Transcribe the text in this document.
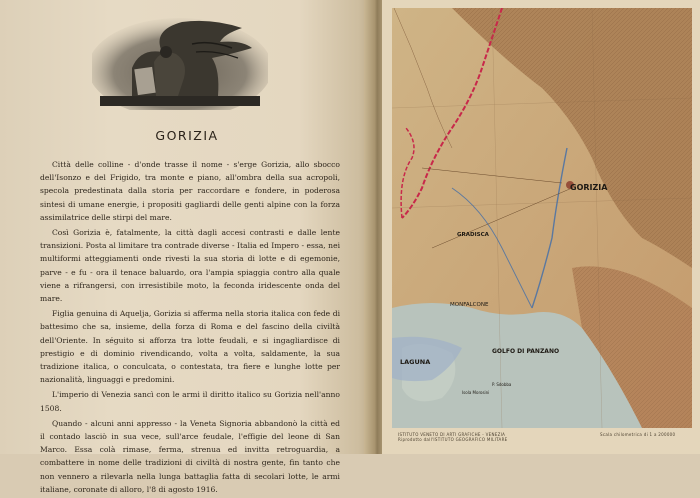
GORIZIA

Città delle colline - d'onde trasse il nome - s'erge Gorizia, allo sbocco dell'Isonzo e del Frigido, tra monte e piano, all'ombra della sua acropoli, specola predestinata dalla storia per raccordare e fondere, in poderosa sintesi di umane energie, i propositi gagliardi delle genti alpine con la forza assimilatrice delle stirpi del mare.

Così Gorizia è, fatalmente, la città dagli accesi contrasti e dalle lente transizioni. Posta al limitare tra contrade diverse - Italia ed Impero - essa, nei multiformi atteggiamenti onde rivesti la sua storia di lotte e di egemonie, parve - e fu - ora il tenace baluardo, ora l'ampia spiaggia contro alla quale viene a rifrangersi, con irresistibile moto, la feconda iridescente onda del mare.

Figlia genuina di Aquelja, Gorizia si afferma nella storia italica con fede di battesimo che sa, insieme, della forza di Roma e del fascino della civiltà dell'Oriente. In séguito si afforza tra lotte feudali, e si ingagliardisce di prestigio e di dominio rivendicando, volta a volta, saldamente, la sua tradizione italica, o conculcata, o contestata, tra fiere e lunghe lotte per nazionalità, linguaggi e predomini.

L'imperio di Venezia sancì con le armi il diritto italico su Gorizia nell'anno 1508.

Quando - alcuni anni appresso - la Veneta Signoria abbandonò la città ed il contado lasciò in sua vece, sull'arce feudale, l'effigie del leone di San Marco. Essa colà rimase, ferma, strenua ed invitta retroguardia, a combattere in nome delle tradizioni di civiltà di nostra gente, fin tanto che non vennero a rilevarla nella lunga battaglia fatta di secolari lotte, le armi italiane, coronate di alloro, l'8 di agosto 1916.

GORIZIA
GRADISCA
MONFALCONE
GOLFO DI PANZANO
LAGUNA
P. Sdobba
Isola Morosini
ISTITUTO VENETO DI ARTI GRAFICHE - VENEZIA
Riprodotto dall'ISTITUTO GEOGRAFICO MILITARE
Scala chilometrica di 1 a 200000
